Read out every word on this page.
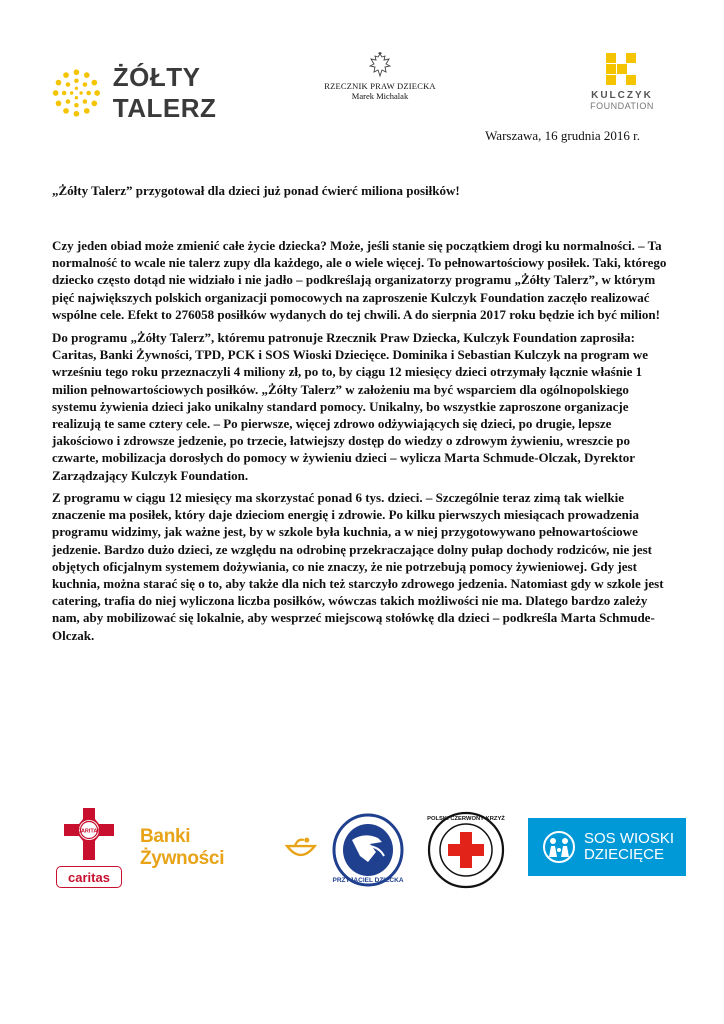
ŻÓŁTY TALERZ
RZECZNIK PRAW DZIECKA
Marek Michalak	KULCZYK
FOUNDATION
Warszawa, 16 grudnia 2016 r.
„Żółty Talerz” przygotował dla dzieci już ponad ćwierć miliona posiłków!

Czy jeden obiad może zmienić całe życie dziecka? Może, jeśli stanie się początkiem drogi ku normalności. – Ta normalność to wcale nie talerz zupy dla każdego, ale o wiele więcej. To pełnowartościowy posiłek. Taki, którego dziecko często dotąd nie widziało i nie jadło – podkreślają organizatorzy programu „Żółty Talerz”, w którym pięć największych polskich organizacji pomocowych na zaproszenie Kulczyk Foundation zaczęło realizować wspólne cele. Efekt to 276058 posiłków wydanych do tej chwili. A do sierpnia 2017 roku będzie ich być milion!

Do programu „Żółty Talerz”, któremu patronuje Rzecznik Praw Dziecka, Kulczyk Foundation zaprosiła: Caritas, Banki Żywności, TPD, PCK i SOS Wioski Dziecięce. Dominika i Sebastian Kulczyk na program we wrześniu tego roku przeznaczyli 4 miliony zł, po to, by ciągu 12 miesięcy dzieci otrzymały łącznie właśnie 1 milion pełnowartościowych posiłków. „Żółty Talerz” w założeniu ma być wsparciem dla ogólnopolskiego systemu żywienia dzieci jako unikalny standard pomocy. Unikalny, bo wszystkie zaproszone organizacje realizują te same cztery cele. – Po pierwsze, więcej zdrowo odżywiających się dzieci, po drugie, lepsze jakościowo i zdrowsze jedzenie, po trzecie, łatwiejszy dostęp do wiedzy o zdrowym żywieniu, wreszcie po czwarte, mobilizacja dorosłych do pomocy w żywieniu dzieci – wylicza Marta Schmude-Olczak, Dyrektor Zarządzający Kulczyk Foundation.

Z programu w ciągu 12 miesięcy ma skorzystać ponad 6 tys. dzieci. – Szczególnie teraz zimą tak wielkie znaczenie ma posiłek, który daje dzieciom energię i zdrowie. Po kilku pierwszych miesiącach prowadzenia programu widzimy, jak ważne jest, by w szkole była kuchnia, a w niej przygotowywano pełnowartościowe jedzenie. Bardzo dużo dzieci, ze względu na odrobinę przekraczające dolny pułap dochody rodziców, nie jest objętych oficjalnym systemem dożywiania, co nie znaczy, że nie potrzebują pomocy żywieniowej. Gdy jest kuchnia, można starać się o to, aby także dla nich też starczyło zdrowego jedzenia. Natomiast gdy w szkole jest catering, trafia do niej wyliczona liczba posiłków, wówczas takich możliwości nie ma. Dlatego bardzo zależy nam, aby mobilizować się lokalnie, aby wesprzeć miejscową stołówkę dla dzieci – podkreśla Marta Schmude-Olczak.

CARITAS
caritas
Banki Żywności
PRZYJACIEL DZIECKA
POLSKI CZERWONY KRZYŻ
SOS WIOSKI
DZIECIĘCE
